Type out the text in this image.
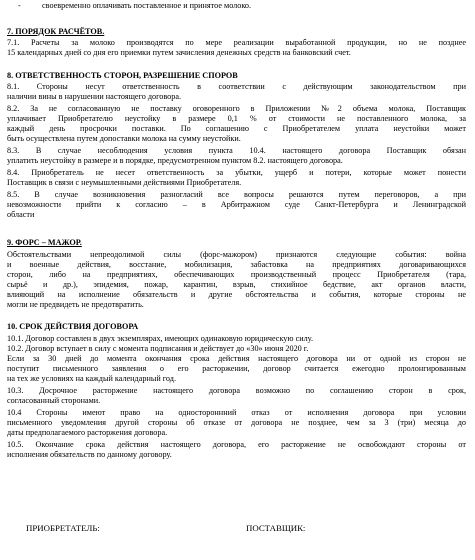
-	своевременно оплачивать поставленное и принятое молоко.
7. ПОРЯДОК РАСЧЁТОВ.
7.1. Расчеты за молоко производятся по мере реализации выработанной продукции, но не позднее
15 календарных дней со дня его приемки путем зачисления денежных средств на банковский счет.
8. ОТВЕТСТВЕННОСТЬ СТОРОН, РАЗРЕШЕНИЕ СПОРОВ
8.1. Стороны несут ответственность в соответствии с действующим законодательством при
наличии вины в нарушении настоящего договора.
8.2. За не согласованную не поставку оговоренного в Приложении №2 объема молока, Поставщик
уплачивает Приобретателю неустойку в размере 0,1 % от стоимости не поставленного молока, за
каждый день просрочки поставки. По соглашению с Приобретателем уплата неустойки может
быть осуществлена путем допоставки молока на сумму неустойки.
8.3. В случае несоблюдения условия пункта 10.4. настоящего договора Поставщик обязан
уплатить неустойку в размере и в порядке, предусмотренном пунктом 8.2. настоящего договора.
8.4. Приобретатель не несет ответственность за убытки, ущерб и потери, которые может понести
Поставщик в связи с неумышленными действиями Приобретателя.
8.5. В случае возникновения разногласий все вопросы решаются путем переговоров, а при
невозможности прийти к согласию – в Арбитражном суде Санкт-Петербурга и Ленинградской
области
9. ФОРС – МАЖОР.
Обстоятельствами непреодолимой силы (форс-мажором) признаются следующие события: война
и военные действия, восстание, мобилизация, забастовка на предприятиях договаривающихся
сторон, либо на предприятиях, обеспечивающих производственный процесс Приобретателя (тара,
сырьё и др.), эпидемия, пожар, карантин, взрыв, стихийное бедствие, акт органов власти,
влияющий на исполнение обязательств и другие обстоятельства и события, которые стороны не
могли не предвидеть не предотвратить.
10. СРОК ДЕЙСТВИЯ ДОГОВОРА
10.1. Договор составлен в двух экземплярах, имеющих одинаковую юридическую силу.
10.2. Договор вступает в силу с момента подписания и действует до «30» июня 2020 г.
Если за 30 дней до момента окончания срока действия настоящего договора ни от одной из сторон не
поступит письменного заявления о его расторжении, договор считается ежегодно пролонгированным
на тех же условиях на каждый календарный год.
10.3. Досрочное расторжение настоящего договора возможно по соглашению сторон в срок,
согласованный сторонами.
10.4 Стороны имеют право на одностороннний отказ от исполнения договора при условии
письменного уведомления другой стороны об отказе от договора не позднее, чем за 3 (три) месяца до
даты предполагаемого расторжения договора.
10.5. Окончание срока действия настоящего договора, его расторжение не освобождают стороны от
исполнения обязательств по данному договору.
ПРИОБРЕТАТЕЛЬ:	ПОСТАВЩИК:
